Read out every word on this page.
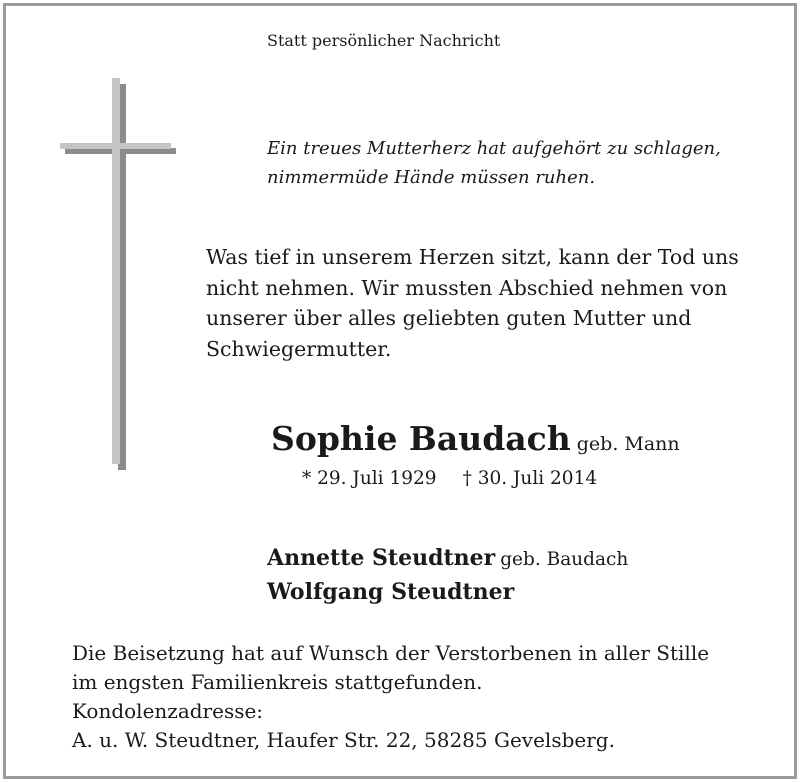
Statt persönlicher Nachricht

Ein treues Mutterherz hat aufgehört zu schlagen,
nimmermüde Hände müssen ruhen.
Was tief in unserem Herzen sitzt, kann der Tod uns
nicht nehmen. Wir mussten Abschied nehmen von
unserer über alles geliebten guten Mutter und
Schwiegermutter.
Sophie Baudach geb. Mann
* 29. Juli 1929 † 30. Juli 2014
Annette Steudtner geb. Baudach
Wolfgang Steudtner
Die Beisetzung hat auf Wunsch der Verstorbenen in aller Stille
im engsten Familienkreis stattgefunden.
Kondolenzadresse:
A. u. W. Steudtner, Haufer Str. 22, 58285 Gevelsberg.
